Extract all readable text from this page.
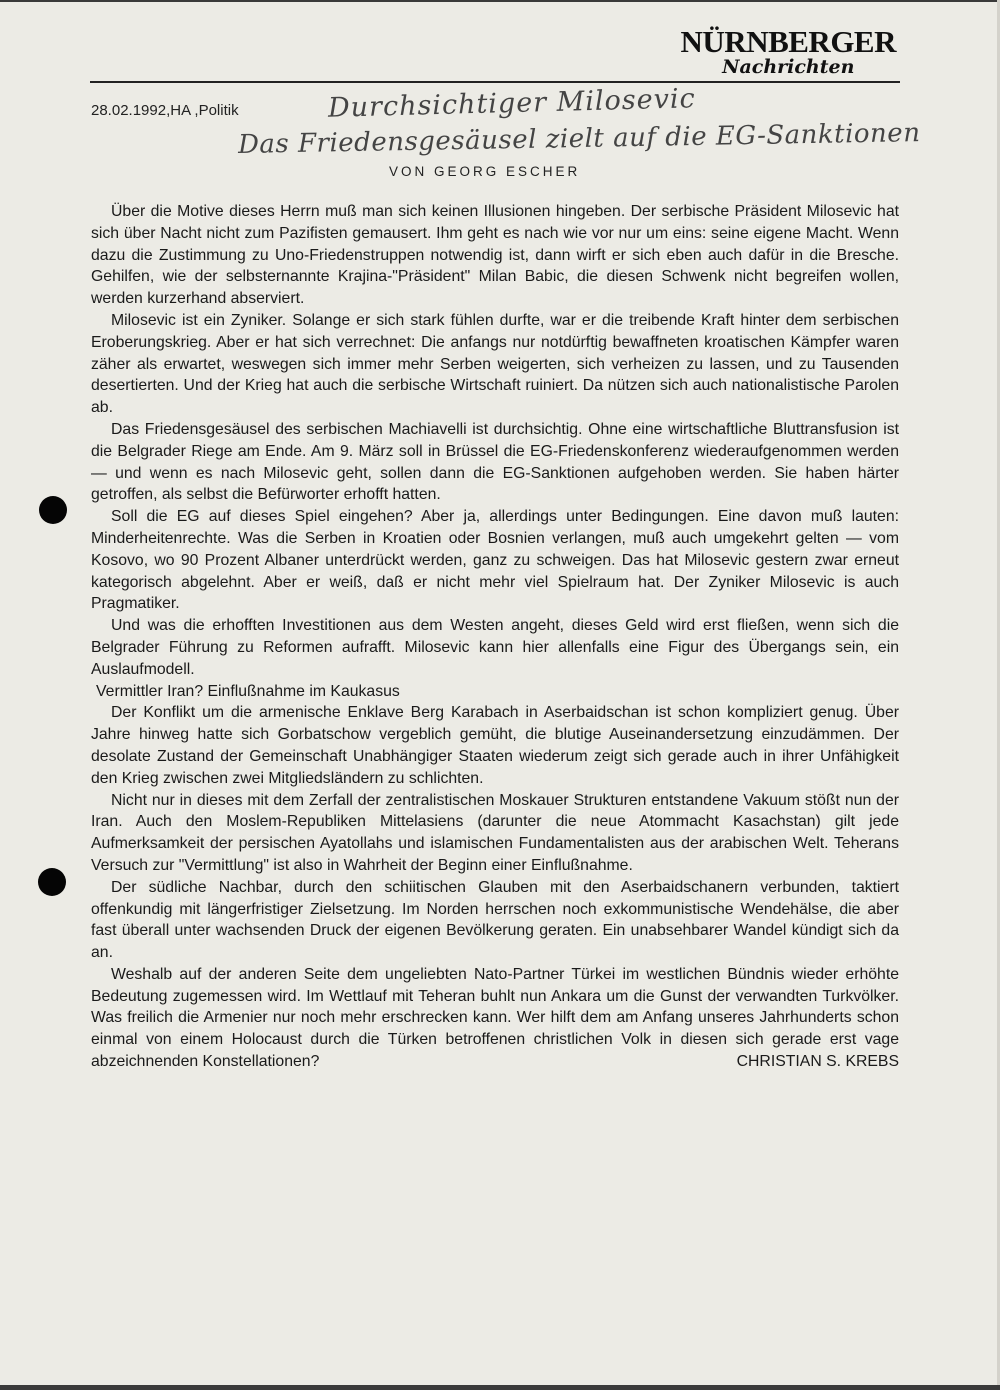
NÜRNBERGER
Nachrichten
28.02.1992,HA ,Politik	Durchsichtiger Milosevic
Das Friedensgesäusel zielt auf die EG-Sanktionen
VON GEORG ESCHER

Über die Motive dieses Herrn muß man sich keinen Illusionen hingeben. Der serbische Präsident Milosevic hat sich über Nacht nicht zum Pazifisten gemausert. Ihm geht es nach wie vor nur um eins: seine eigene Macht. Wenn dazu die Zustimmung zu Uno-Friedenstruppen notwendig ist, dann wirft er sich eben auch dafür in die Bresche. Gehilfen, wie der selbsternannte Krajina-"Präsident" Milan Babic, die diesen Schwenk nicht begreifen wollen, werden kurzerhand abserviert.

Milosevic ist ein Zyniker. Solange er sich stark fühlen durfte, war er die treibende Kraft hinter dem serbischen Eroberungskrieg. Aber er hat sich verrechnet: Die anfangs nur notdürftig bewaffneten kroatischen Kämpfer waren zäher als erwartet, weswegen sich immer mehr Serben weigerten, sich verheizen zu lassen, und zu Tausenden desertierten. Und der Krieg hat auch die serbische Wirtschaft ruiniert. Da nützen sich auch nationalistische Parolen ab.

Das Friedensgesäusel des serbischen Machiavelli ist durchsichtig. Ohne eine wirtschaftliche Bluttransfusion ist die Belgrader Riege am Ende. Am 9. März soll in Brüssel die EG-Friedenskonferenz wiederaufgenommen werden — und wenn es nach Milosevic geht, sollen dann die EG-Sanktionen aufgehoben werden. Sie haben härter getroffen, als selbst die Befürworter erhofft hatten.

Soll die EG auf dieses Spiel eingehen? Aber ja, allerdings unter Bedingungen. Eine davon muß lauten: Minderheitenrechte. Was die Serben in Kroatien oder Bosnien verlangen, muß auch umgekehrt gelten — vom Kosovo, wo 90 Prozent Albaner unterdrückt werden, ganz zu schweigen. Das hat Milosevic gestern zwar erneut kategorisch abgelehnt. Aber er weiß, daß er nicht mehr viel Spielraum hat. Der Zyniker Milosevic is auch Pragmatiker.

Und was die erhofften Investitionen aus dem Westen angeht, dieses Geld wird erst fließen, wenn sich die Belgrader Führung zu Reformen aufrafft. Milosevic kann hier allenfalls eine Figur des Übergangs sein, ein Auslaufmodell.

Vermittler Iran? Einflußnahme im Kaukasus

Der Konflikt um die armenische Enklave Berg Karabach in Aserbaidschan ist schon kompliziert genug. Über Jahre hinweg hatte sich Gorbatschow vergeblich gemüht, die blutige Auseinandersetzung einzudämmen. Der desolate Zustand der Gemeinschaft Unabhängiger Staaten wiederum zeigt sich gerade auch in ihrer Unfähigkeit den Krieg zwischen zwei Mitgliedsländern zu schlichten.

Nicht nur in dieses mit dem Zerfall der zentralistischen Moskauer Strukturen entstandene Vakuum stößt nun der Iran. Auch den Moslem-Republiken Mittelasiens (darunter die neue Atommacht Kasachstan) gilt jede Aufmerksamkeit der persischen Ayatollahs und islamischen Fundamentalisten aus der arabischen Welt. Teherans Versuch zur "Vermittlung" ist also in Wahrheit der Beginn einer Einflußnahme.

Der südliche Nachbar, durch den schiitischen Glauben mit den Aserbaidschanern verbunden, taktiert offenkundig mit längerfristiger Zielsetzung. Im Norden herrschen noch exkommunistische Wendehälse, die aber fast überall unter wachsenden Druck der eigenen Bevölkerung geraten. Ein unabsehbarer Wandel kündigt sich da an.

Weshalb auf der anderen Seite dem ungeliebten Nato-Partner Türkei im westlichen Bündnis wieder erhöhte Bedeutung zugemessen wird. Im Wettlauf mit Teheran buhlt nun Ankara um die Gunst der verwandten Turkvölker. Was freilich die Armenier nur noch mehr erschrecken kann. Wer hilft dem am Anfang unseres Jahrhunderts schon einmal von einem Holocaust durch die Türken betroffenen christlichen Volk in diesen sich gerade erst vage abzeichnenden Konstellationen?	CHRISTIAN S. KREBS
